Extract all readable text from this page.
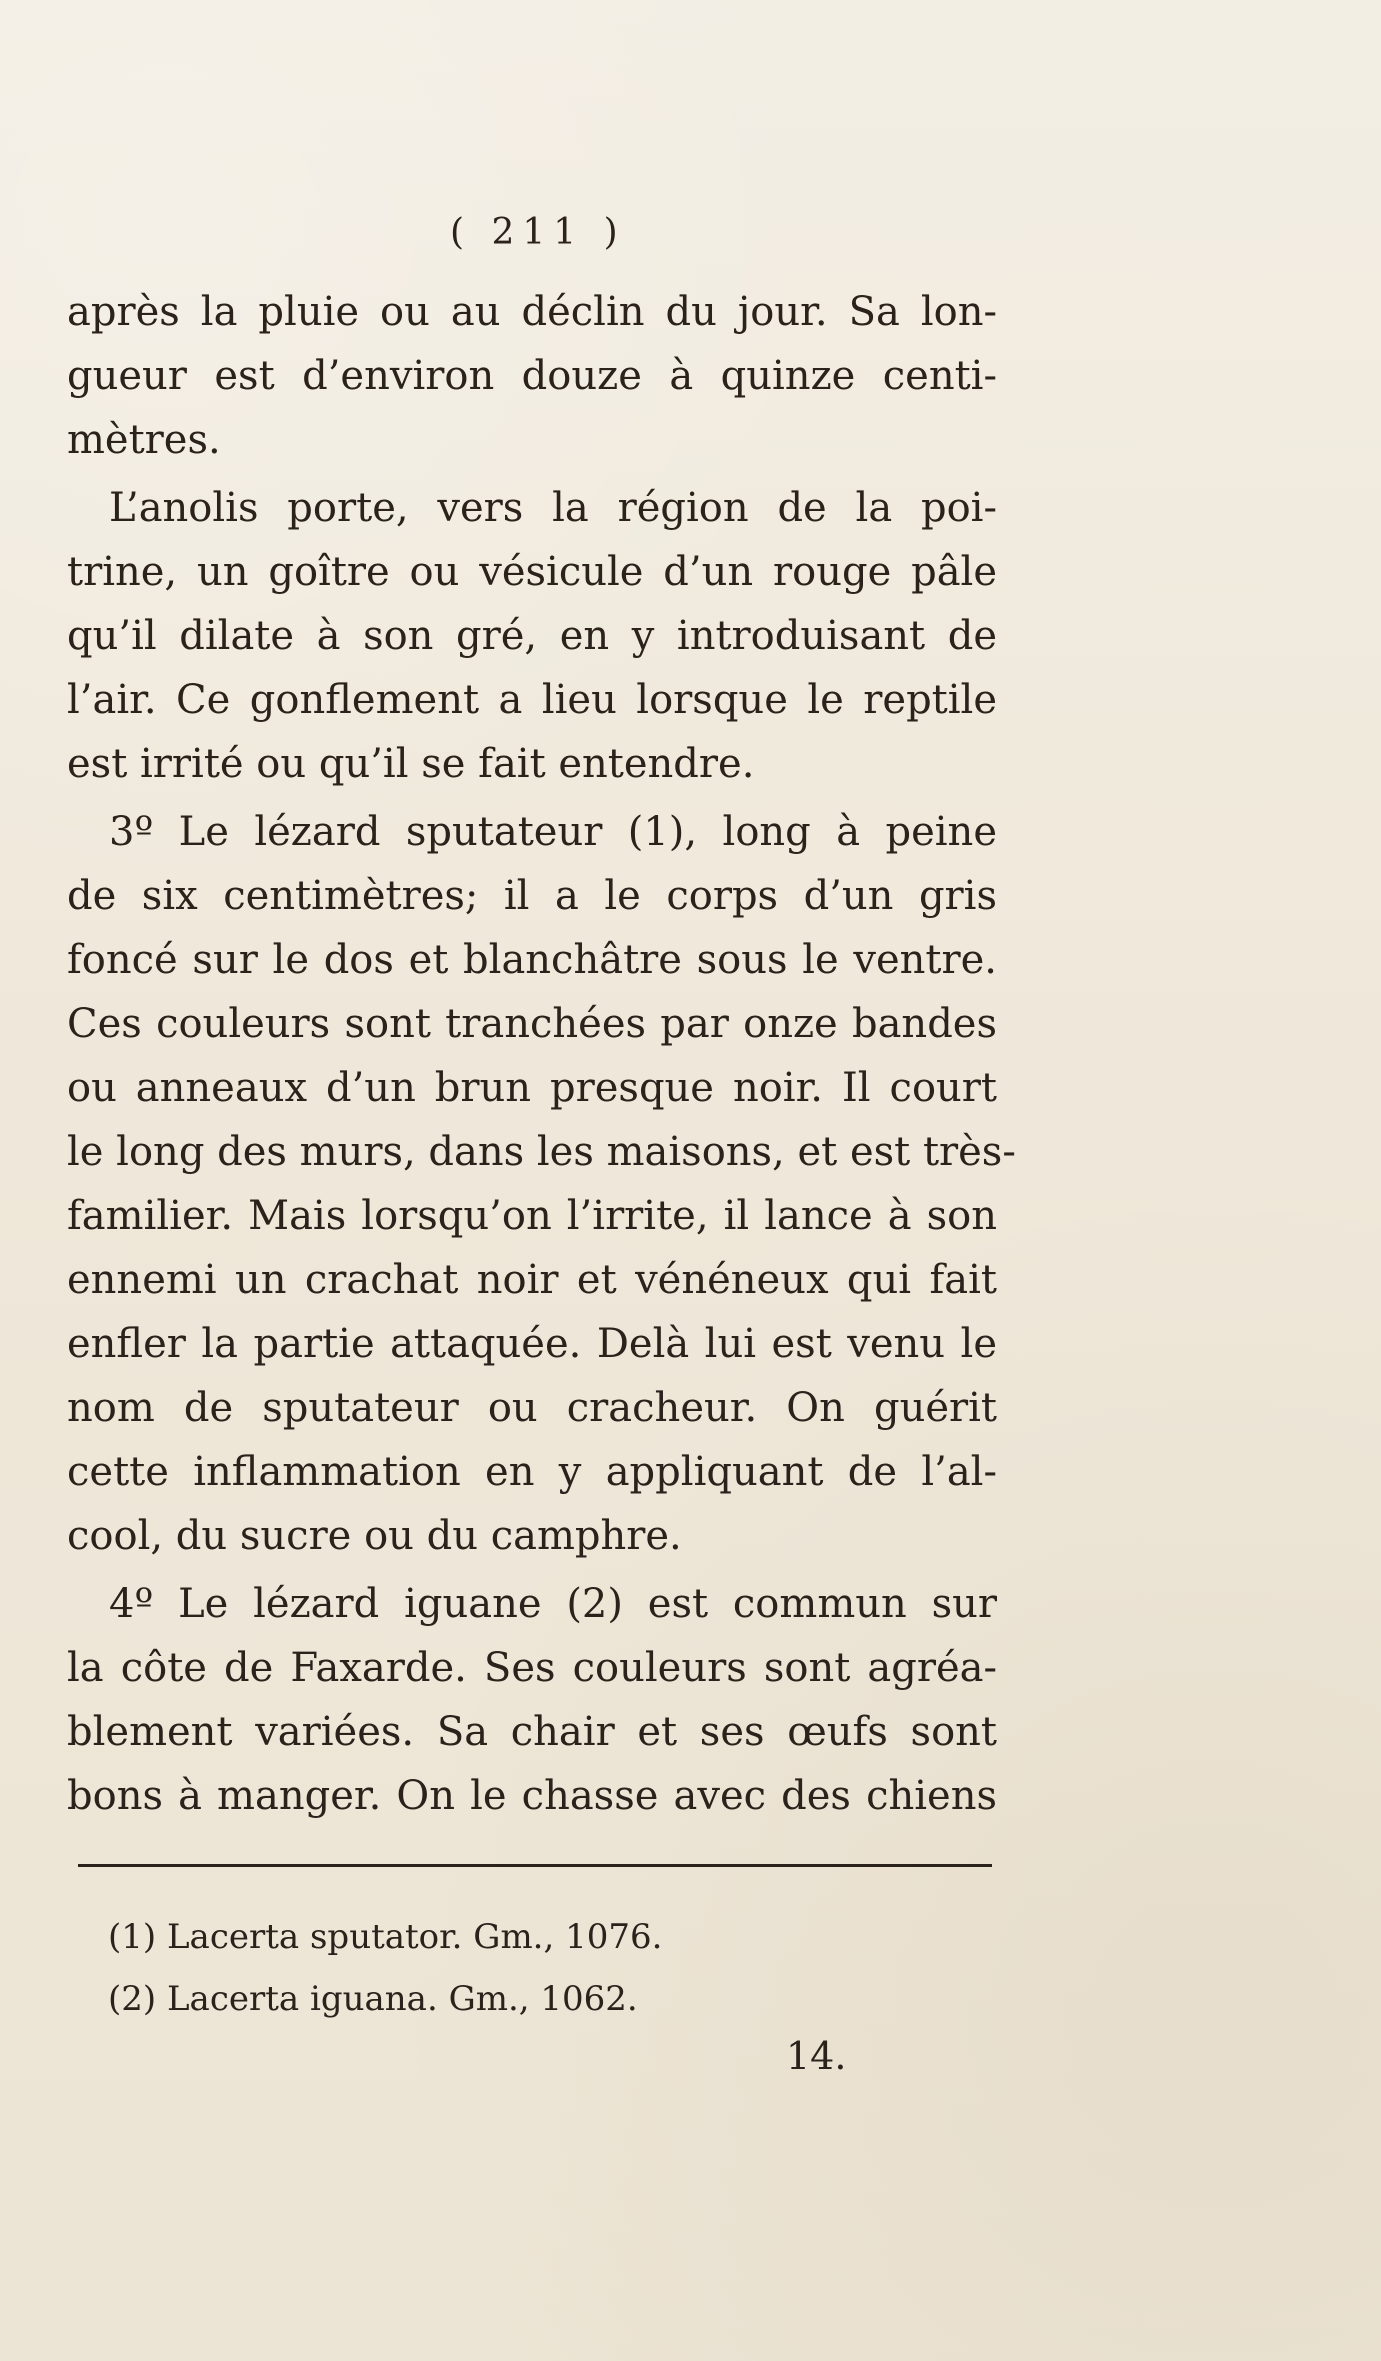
( 211 )
après la pluie ou au déclin du jour. Sa lon-
gueur est d’environ douze à quinze centi-
mètres.
L’anolis porte, vers la région de la poi-
trine, un goître ou vésicule d’un rouge pâle
qu’il dilate à son gré, en y introduisant de
l’air. Ce gonflement a lieu lorsque le reptile
est irrité ou qu’il se fait entendre.
3º Le lézard sputateur (1), long à peine
de six centimètres; il a le corps d’un gris
foncé sur le dos et blanchâtre sous le ventre.
Ces couleurs sont tranchées par onze bandes
ou anneaux d’un brun presque noir. Il court
le long des murs, dans les maisons, et est très-
familier. Mais lorsqu’on l’irrite, il lance à son
ennemi un crachat noir et vénéneux qui fait
enfler la partie attaquée. Delà lui est venu le
nom de sputateur ou cracheur. On guérit
cette inflammation en y appliquant de l’al-
cool, du sucre ou du camphre.
4º Le lézard iguane (2) est commun sur
la côte de Faxarde. Ses couleurs sont agréa-
blement variées. Sa chair et ses œufs sont
bons à manger. On le chasse avec des chiens
(1) Lacerta sputator. Gm., 1076.
(2) Lacerta iguana. Gm., 1062.
14.
